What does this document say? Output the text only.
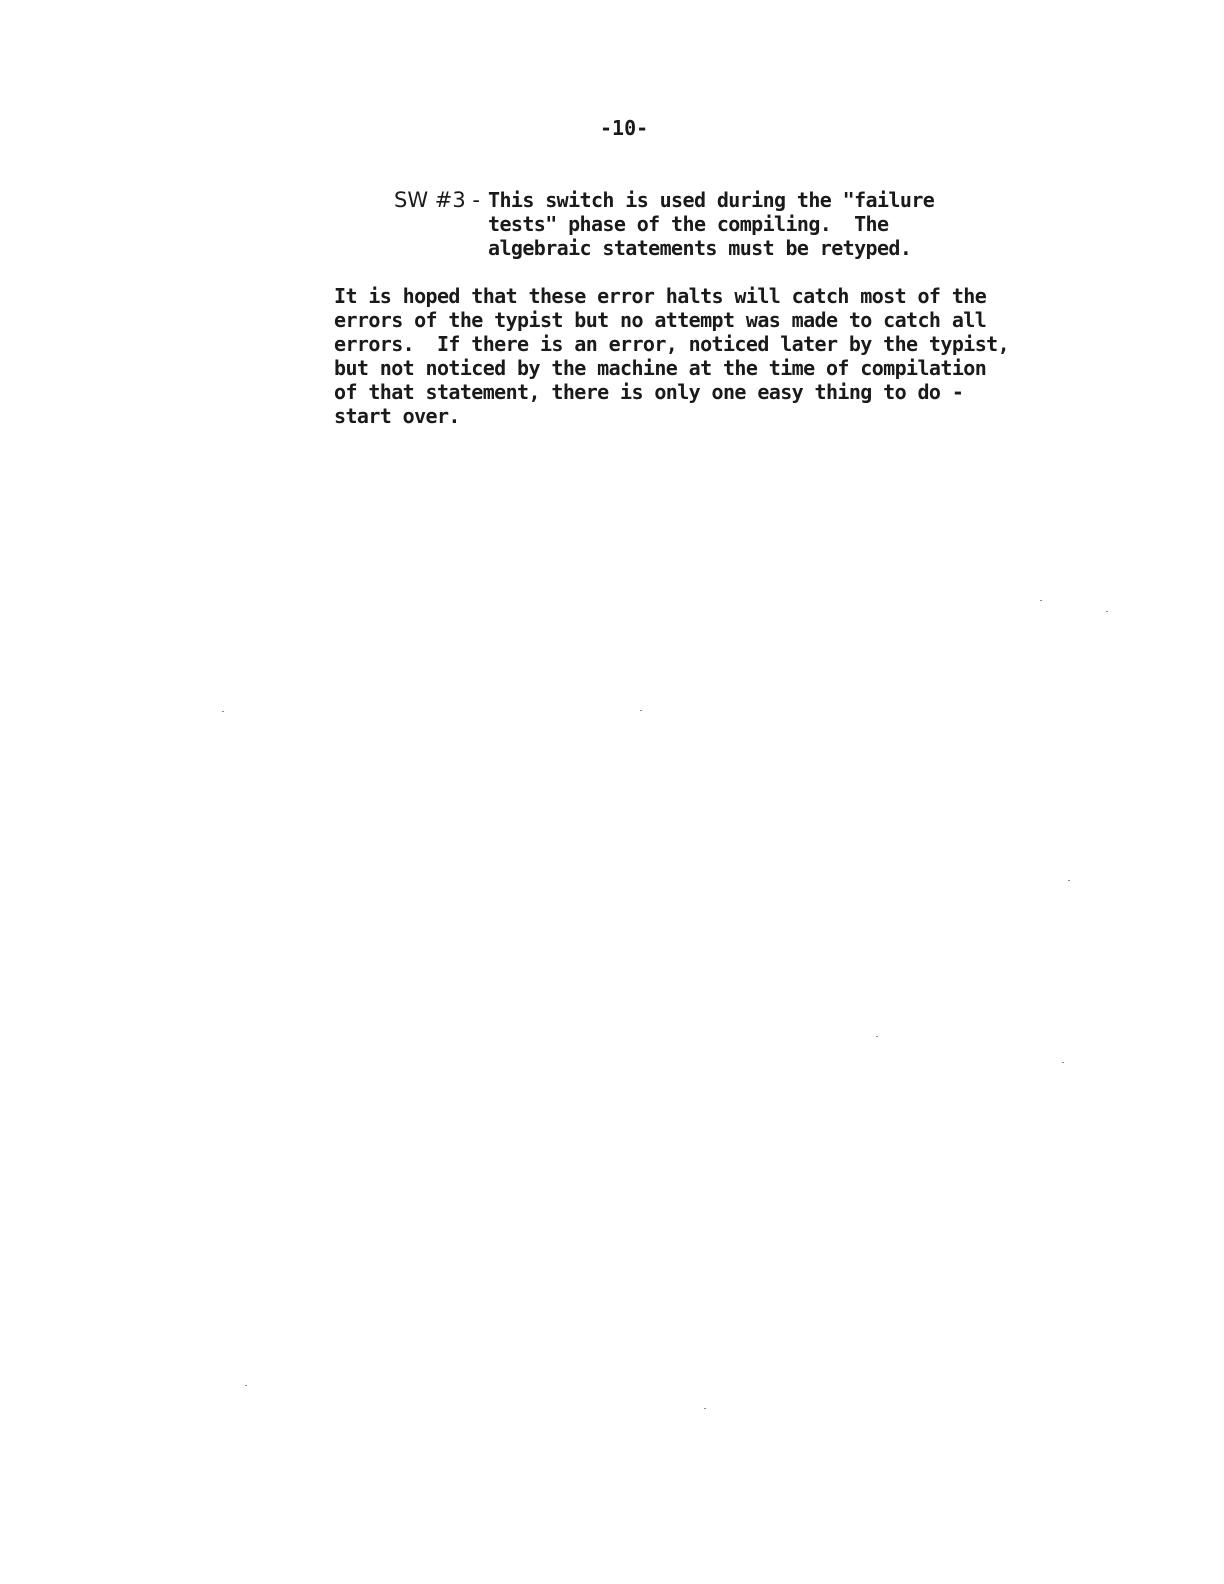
-10-
SW #3 - This switch is used during the "failure
tests" phase of the compiling.  The
algebraic statements must be retyped.
It is hoped that these error halts will catch most of the
errors of the typist but no attempt was made to catch all
errors.  If there is an error, noticed later by the typist,
but not noticed by the machine at the time of compilation
of that statement, there is only one easy thing to do -
start over.
